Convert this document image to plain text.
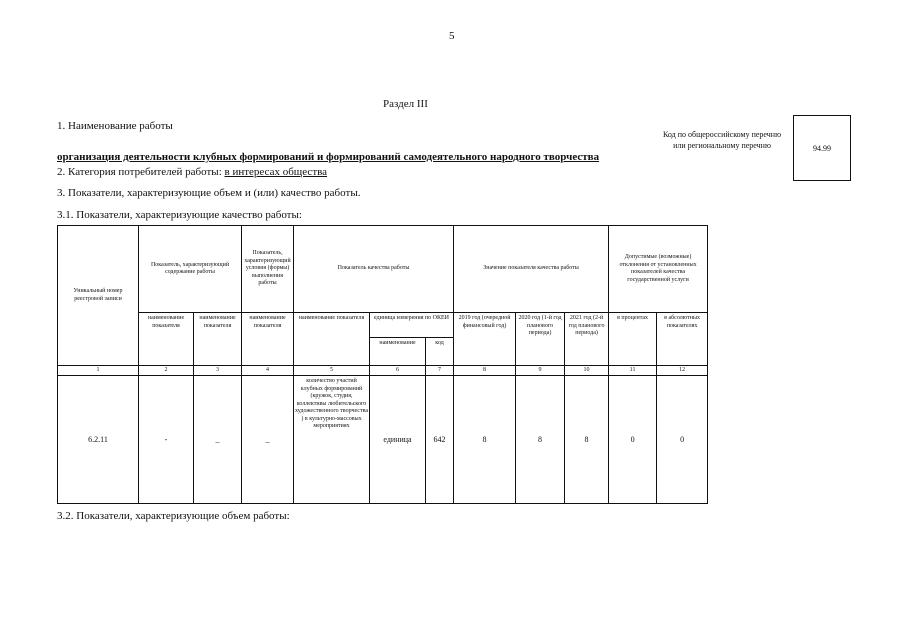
5
Раздел III
1. Наименование работы
организация деятельности клубных формирований и формирований самодеятельного народного творчества
2. Категория потребителей работы: в интересах общества
3. Показатели, характеризующие объем и (или) качество работы.
3.1. Показатели, характеризующие качество работы:
Код по общероссийскому перечню или региональному перечню	94.99
Уникальный номер реестровой записи	Показатель, характеризующий содержание работы		Показатель, характеризующий условия (формы) выполнения работы	Показатель качества работы			Значение показателя качества работы			Допустимые (возможные) отклонения от установленных показателей качества государственной услуги	
	наименование показателя	наименование показателя	наименование показателя	наименование показателя	единица измерения по ОКЕИ		2019 год (очередной финансовый год)	2020 год (1-й год планового периода)	2021 год (2-й год планового периода)	в процентах	в абсолютных показателях
					наименование	код					
1	2	3	4	5	6	7	8	9	10	11	12
6.2.11	-	_	_	количество участий клубных формирований (кружок, студия, коллективы любительского художественного творчества ) в культурно-массовых мероприятиях	единица	642	8	8	8	0	0
3.2. Показатели, характеризующие объем работы:
